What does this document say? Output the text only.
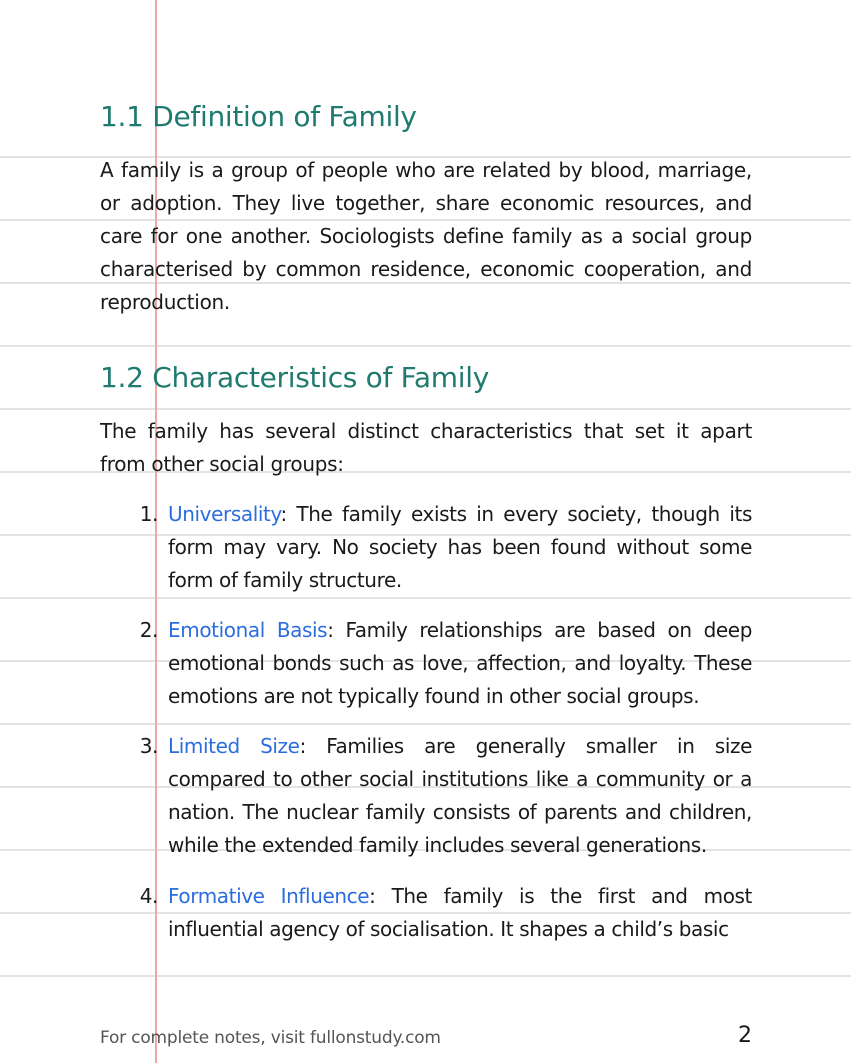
1.1 Definition of Family

A family is a group of people who are related by blood, marriage, or adoption. They live together, share economic resources, and care for one another. Sociologists define family as a social group characterised by common residence, economic cooperation, and reproduction.

1.2 Characteristics of Family

The family has several distinct characteristics that set it apart from other social groups:

1. Universality: The family exists in every society, though its form may vary. No society has been found without some form of family structure.
2. Emotional Basis: Family relationships are based on deep emotional bonds such as love, affection, and loyalty. These emotions are not typically found in other social groups.
3. Limited Size: Families are generally smaller in size compared to other social institutions like a community or a nation. The nuclear family consists of parents and children, while the extended family includes several generations.
4. Formative Influence: The family is the first and most influential agency of socialisation. It shapes a child’s basic
For complete notes, visit fullonstudy.com	2
